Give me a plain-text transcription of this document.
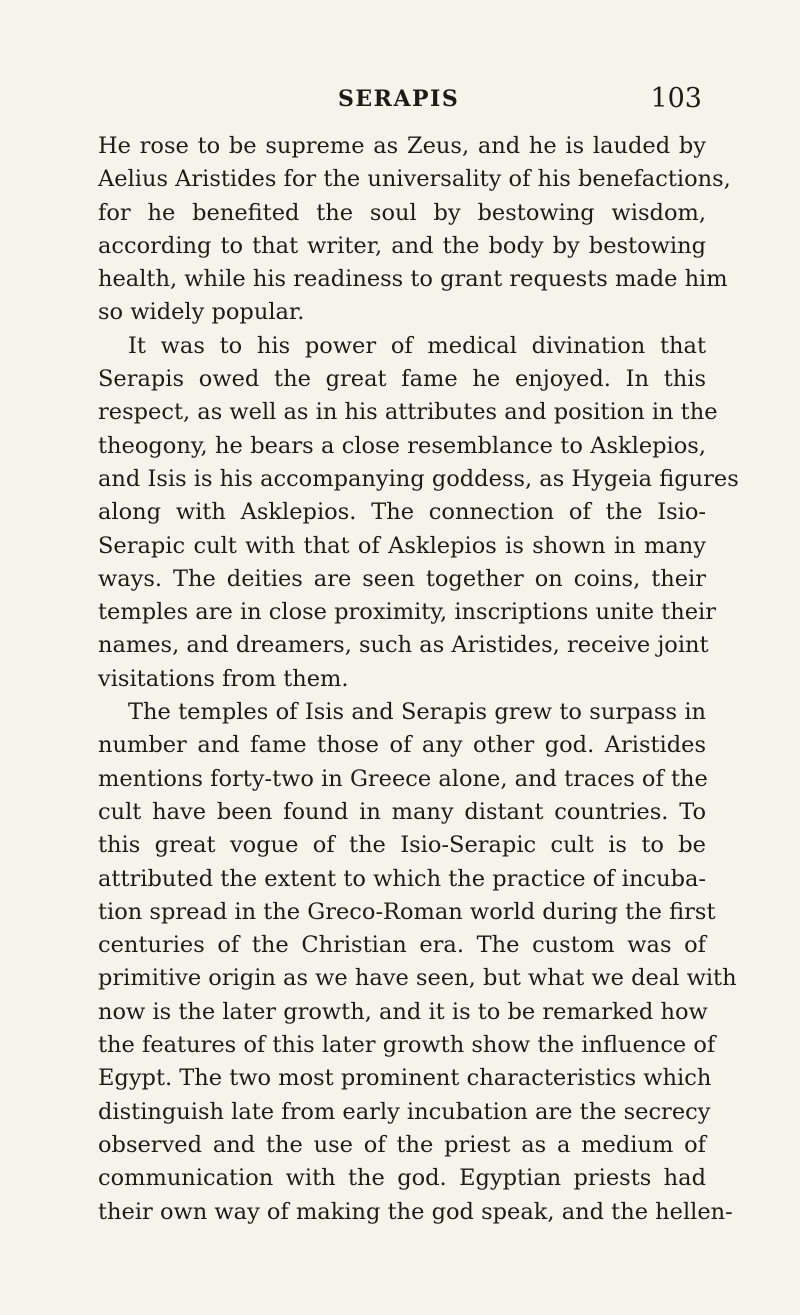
SERAPIS	103
He rose to be supreme as Zeus, and he is lauded by
Aelius Aristides for the universality of his benefactions,
for he benefited the soul by bestowing wisdom,
according to that writer, and the body by bestowing
health, while his readiness to grant requests made him
so widely popular.
It was to his power of medical divination that
Serapis owed the great fame he enjoyed. In this
respect, as well as in his attributes and position in the
theogony, he bears a close resemblance to Asklepios,
and Isis is his accompanying goddess, as Hygeia figures
along with Asklepios. The connection of the Isio-
Serapic cult with that of Asklepios is shown in many
ways. The deities are seen together on coins, their
temples are in close proximity, inscriptions unite their
names, and dreamers, such as Aristides, receive joint
visitations from them.
The temples of Isis and Serapis grew to surpass in
number and fame those of any other god. Aristides
mentions forty-two in Greece alone, and traces of the
cult have been found in many distant countries. To
this great vogue of the Isio-Serapic cult is to be
attributed the extent to which the practice of incuba-
tion spread in the Greco-Roman world during the first
centuries of the Christian era. The custom was of
primitive origin as we have seen, but what we deal with
now is the later growth, and it is to be remarked how
the features of this later growth show the influence of
Egypt. The two most prominent characteristics which
distinguish late from early incubation are the secrecy
observed and the use of the priest as a medium of
communication with the god. Egyptian priests had
their own way of making the god speak, and the hellen-
